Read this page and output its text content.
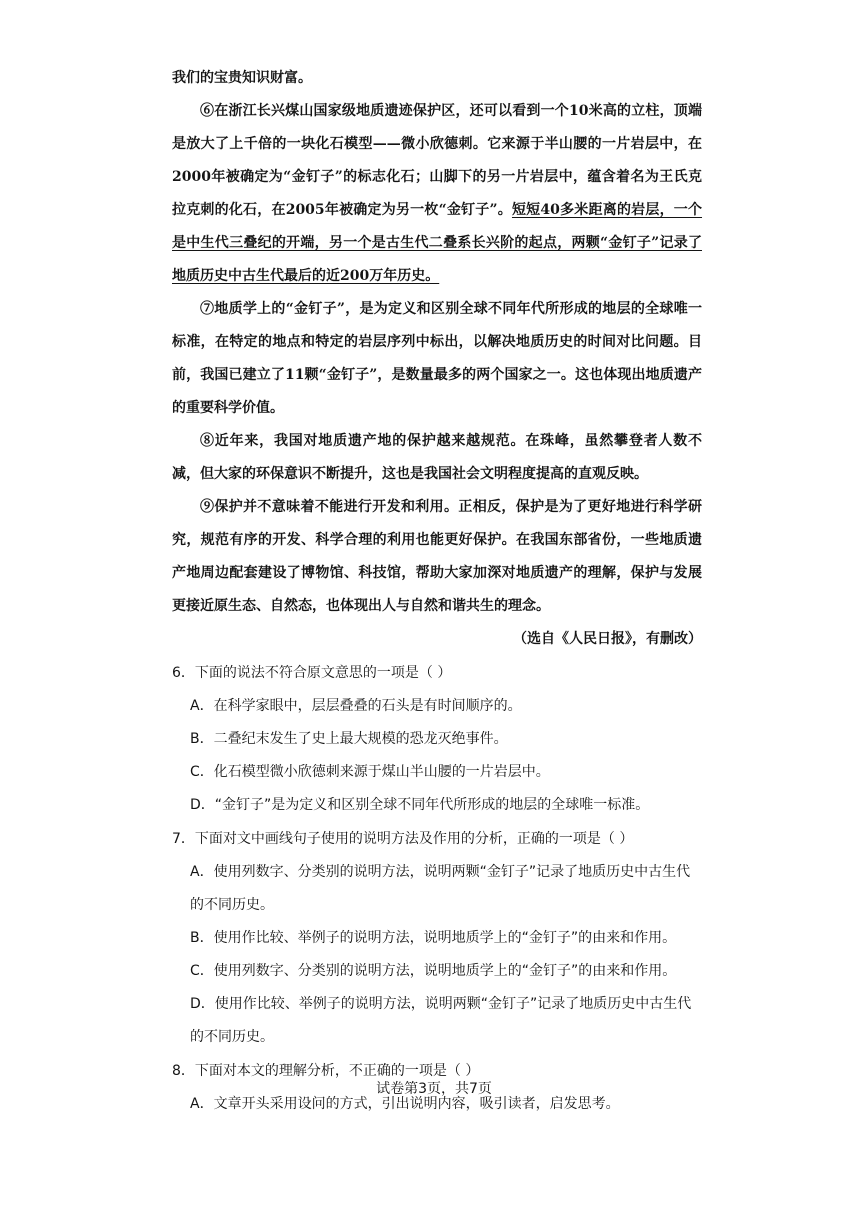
我们的宝贵知识财富。

⑥在浙江长兴煤山国家级地质遗迹保护区，还可以看到一个10米高的立柱，顶端是放大了上千倍的一块化石模型——微小欣德刺。它来源于半山腰的一片岩层中，在2000年被确定为“金钉子”的标志化石；山脚下的另一片岩层中，蕴含着名为王氏克拉克刺的化石，在2005年被确定为另一枚“金钉子”。短短40多米距离的岩层，一个是中生代三叠纪的开端，另一个是古生代二叠系长兴阶的起点，两颗“金钉子”记录了地质历史中古生代最后的近200万年历史。

⑦地质学上的“金钉子”，是为定义和区别全球不同年代所形成的地层的全球唯一标准，在特定的地点和特定的岩层序列中标出，以解决地质历史的时间对比问题。目前，我国已建立了11颗“金钉子”，是数量最多的两个国家之一。这也体现出地质遗产的重要科学价值。

⑧近年来，我国对地质遗产地的保护越来越规范。在珠峰，虽然攀登者人数不减，但大家的环保意识不断提升，这也是我国社会文明程度提高的直观反映。

⑨保护并不意味着不能进行开发和利用。正相反，保护是为了更好地进行科学研究，规范有序的开发、科学合理的利用也能更好保护。在我国东部省份，一些地质遗产地周边配套建设了博物馆、科技馆，帮助大家加深对地质遗产的理解，保护与发展更接近原生态、自然态，也体现出人与自然和谐共生的理念。

（选自《人民日报》，有删改）

6．下面的说法不符合原文意思的一项是（ ）

A．在科学家眼中，层层叠叠的石头是有时间顺序的。

B．二叠纪末发生了史上最大规模的恐龙灭绝事件。

C．化石模型微小欣德刺来源于煤山半山腰的一片岩层中。

D．“金钉子”是为定义和区别全球不同年代所形成的地层的全球唯一标准。

7．下面对文中画线句子使用的说明方法及作用的分析，正确的一项是（ ）

A．使用列数字、分类别的说明方法，说明两颗“金钉子”记录了地质历史中古生代的不同历史。

B．使用作比较、举例子的说明方法，说明地质学上的“金钉子”的由来和作用。

C．使用列数字、分类别的说明方法，说明地质学上的“金钉子”的由来和作用。

D．使用作比较、举例子的说明方法，说明两颗“金钉子”记录了地质历史中古生代的不同历史。

8．下面对本文的理解分析，不正确的一项是（ ）

A．文章开头采用设问的方式，引出说明内容，吸引读者，启发思考。

试卷第3页，共7页
